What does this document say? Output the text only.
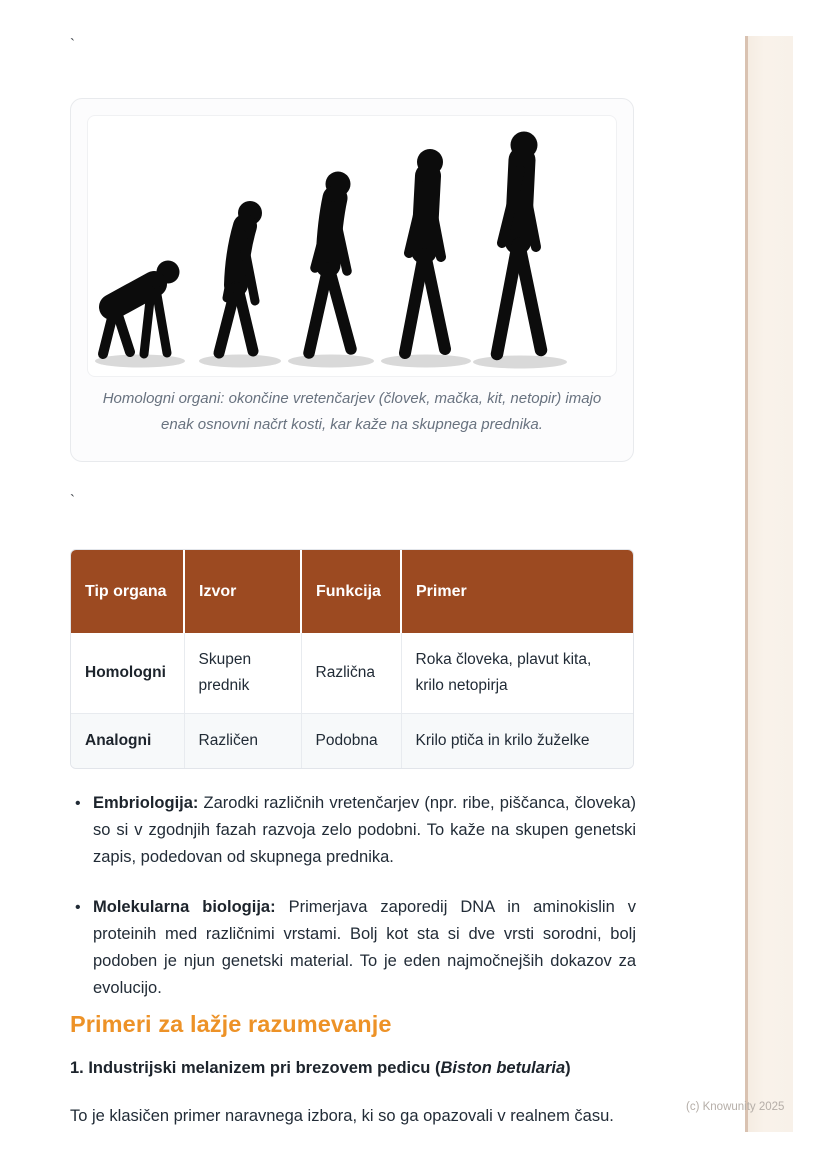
`
Homologni organi: okončine vretenčarjev (človek, mačka, kit, netopir) imajo enak osnovni načrt kosti, kar kaže na skupnega prednika.
`
Tip organa	Izvor	Funkcija	Primer
Homologni	Skupen prednik	Različna	Roka človeka, plavut kita, krilo netopirja
Analogni	Različen	Podobna	Krilo ptiča in krilo žuželke
• Embriologija: Zarodki različnih vretenčarjev (npr. ribe, piščanca, človeka) so si v zgodnjih fazah razvoja zelo podobni. To kaže na skupen genetski zapis, podedovan od skupnega prednika.
• Molekularna biologija: Primerjava zaporedij DNA in aminokislin v proteinih med različnimi vrstami. Bolj kot sta si dve vrsti sorodni, bolj podoben je njun genetski material. To je eden najmočnejših dokazov za evolucijo.
Primeri za lažje razumevanje
1. Industrijski melanizem pri brezovem pedicu (Biston betularia)

To je klasičen primer naravnega izbora, ki so ga opazovali v realnem času.	(c) Knowunity 2025
